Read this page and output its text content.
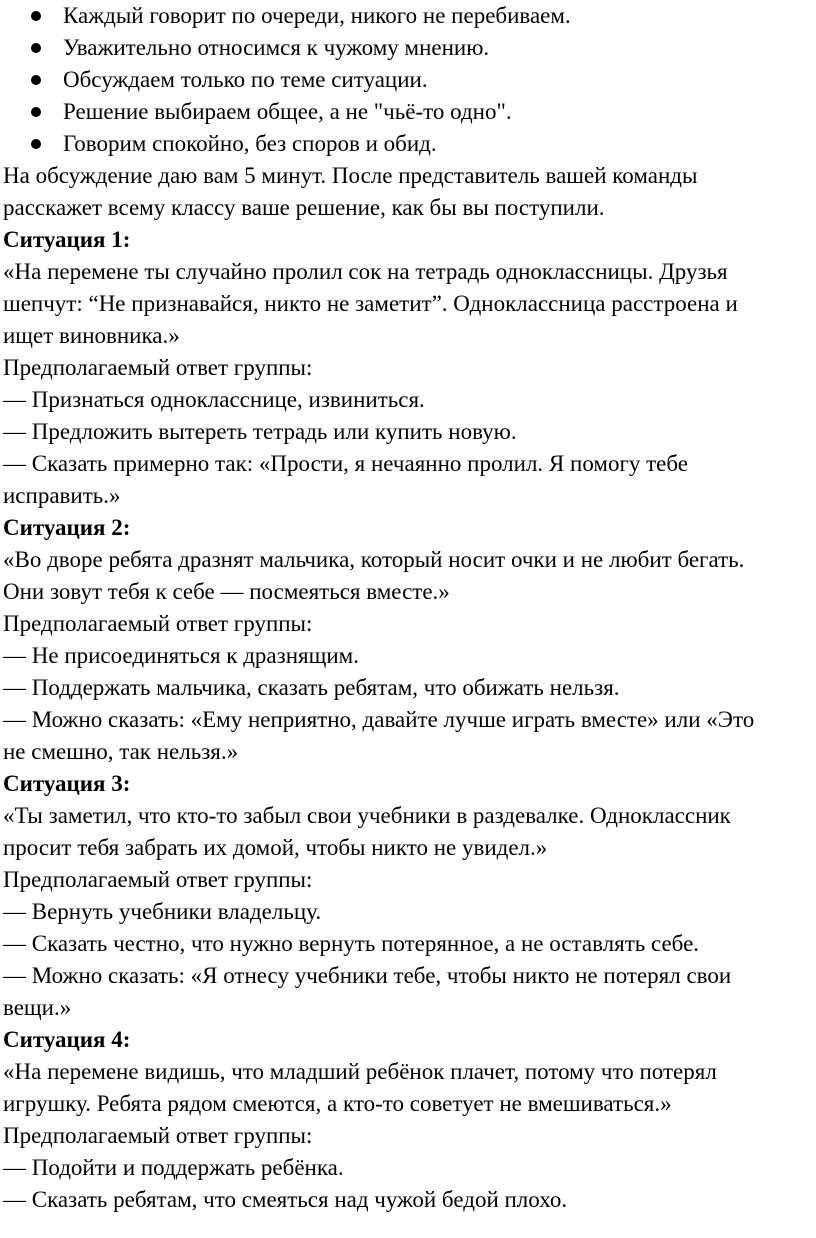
Каждый говорит по очереди, никого не перебиваем.
Уважительно относимся к чужому мнению.
Обсуждаем только по теме ситуации.
Решение выбираем общее, а не "чьё-то одно".
Говорим спокойно, без споров и обид.
На обсуждение даю вам 5 минут. После представитель вашей команды
расскажет всему классу ваше решение, как бы вы поступили.
Ситуация 1:
«На перемене ты случайно пролил сок на тетрадь одноклассницы. Друзья
шепчут: “Не признавайся, никто не заметит”. Одноклассница расстроена и
ищет виновника.»
Предполагаемый ответ группы:
— Признаться однокласснице, извиниться.
— Предложить вытереть тетрадь или купить новую.
— Сказать примерно так: «Прости, я нечаянно пролил. Я помогу тебе
исправить.»
Ситуация 2:
«Во дворе ребята дразнят мальчика, который носит очки и не любит бегать.
Они зовут тебя к себе — посмеяться вместе.»
Предполагаемый ответ группы:
— Не присоединяться к дразнящим.
— Поддержать мальчика, сказать ребятам, что обижать нельзя.
— Можно сказать: «Ему неприятно, давайте лучше играть вместе» или «Это
не смешно, так нельзя.»
Ситуация 3:
«Ты заметил, что кто-то забыл свои учебники в раздевалке. Одноклассник
просит тебя забрать их домой, чтобы никто не увидел.»
Предполагаемый ответ группы:
— Вернуть учебники владельцу.
— Сказать честно, что нужно вернуть потерянное, а не оставлять себе.
— Можно сказать: «Я отнесу учебники тебе, чтобы никто не потерял свои
вещи.»
Ситуация 4:
«На перемене видишь, что младший ребёнок плачет, потому что потерял
игрушку. Ребята рядом смеются, а кто-то советует не вмешиваться.»
Предполагаемый ответ группы:
— Подойти и поддержать ребёнка.
— Сказать ребятам, что смеяться над чужой бедой плохо.
